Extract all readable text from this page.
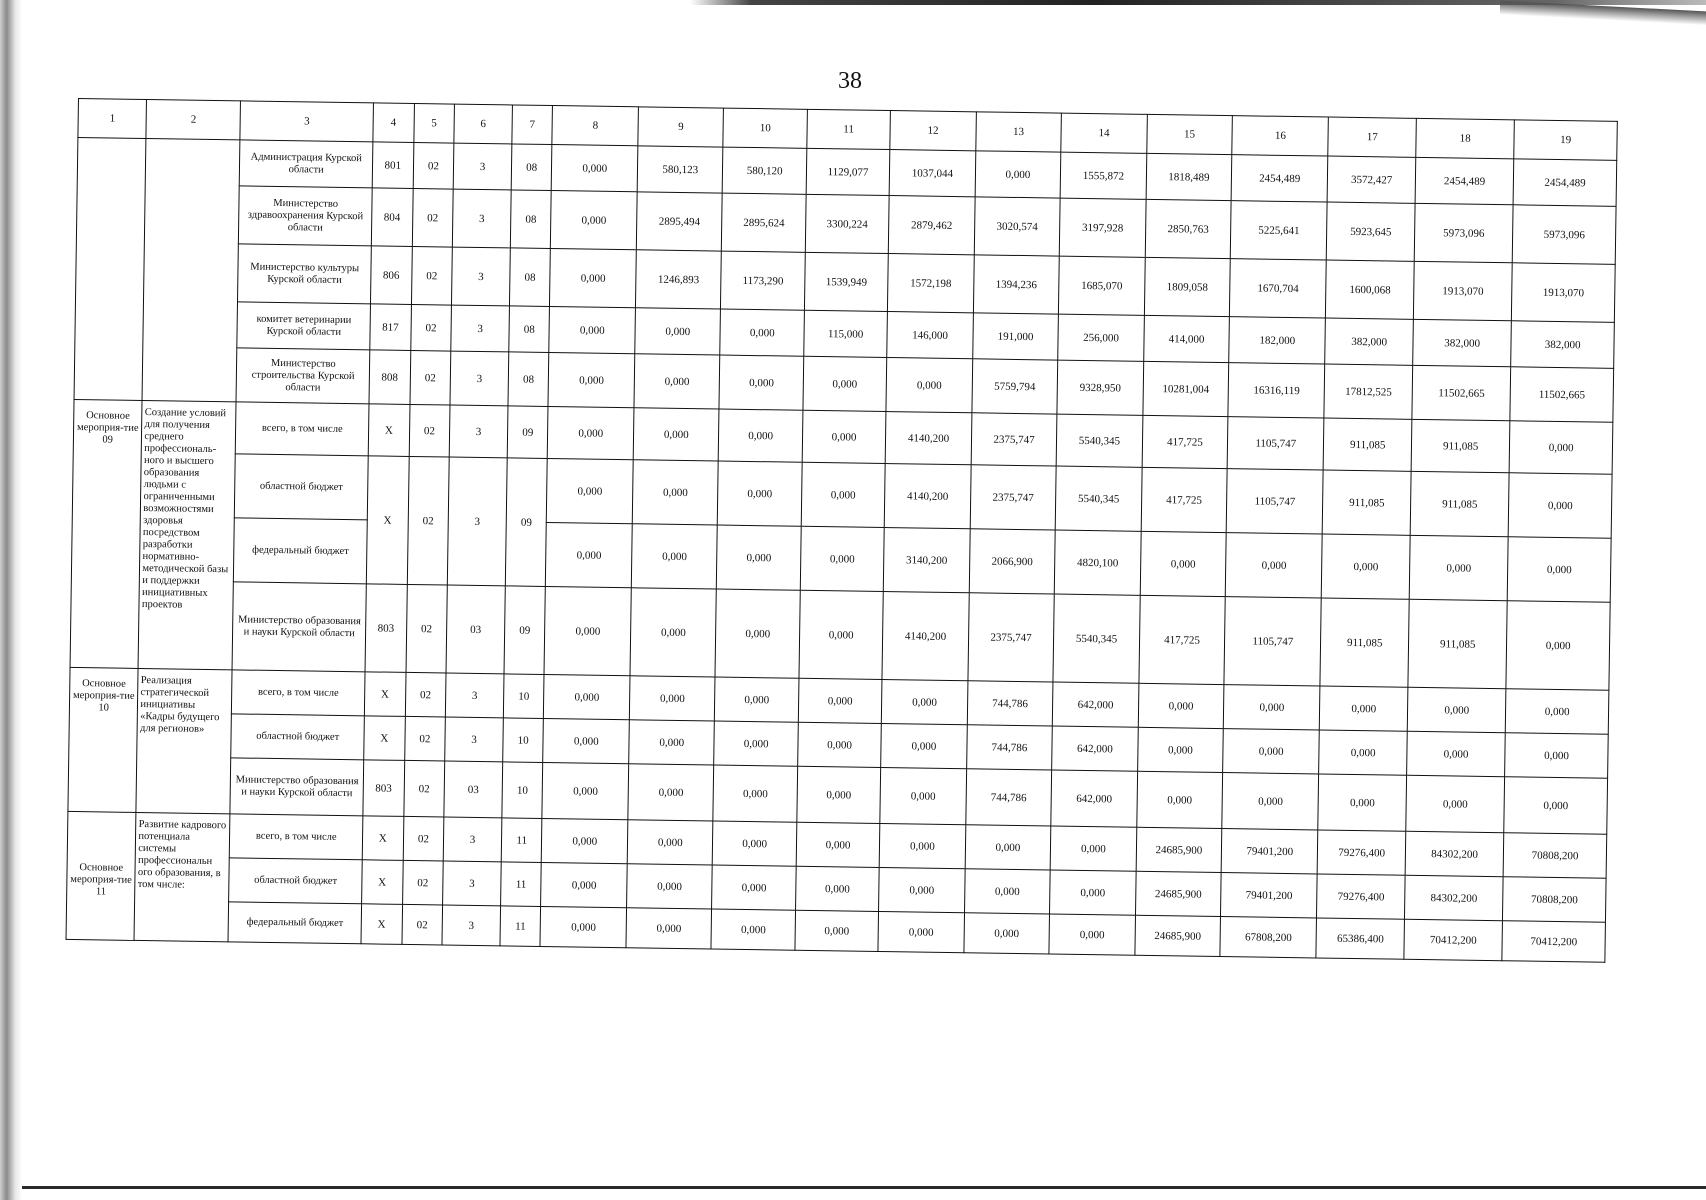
38
1	2	3	4	5	6	7	8	9	10	11	12	13	14	15	16	17	18	19
		Администрация Курской области	801	02	3	08	0,000	580,123	580,120	1129,077	1037,044	0,000	1555,872	1818,489	2454,489	3572,427	2454,489	2454,489
		Министерство здравоохранения Курской области	804	02	3	08	0,000	2895,494	2895,624	3300,224	2879,462	3020,574	3197,928	2850,763	5225,641	5923,645	5973,096	5973,096
		Министерство культуры Курской области	806	02	3	08	0,000	1246,893	1173,290	1539,949	1572,198	1394,236	1685,070	1809,058	1670,704	1600,068	1913,070	1913,070
		комитет ветеринарии Курской области	817	02	3	08	0,000	0,000	0,000	115,000	146,000	191,000	256,000	414,000	182,000	382,000	382,000	382,000
		Министерство строительства Курской области	808	02	3	08	0,000	0,000	0,000	0,000	0,000	5759,794	9328,950	10281,004	16316,119	17812,525	11502,665	11502,665
Основное мероприя-тие 09	Создание условий для получения среднего профессиональ-ного и высшего образования людьми с ограниченными возможностями здоровья посредством разработки нормативно-методической базы и поддержки инициативных проектов	всего, в том числе	Х	02	3	09	0,000	0,000	0,000	0,000	4140,200	2375,747	5540,345	417,725	1105,747	911,085	911,085	0,000
		областной бюджет	Х	02	3	09	0,000	0,000	0,000	0,000	4140,200	2375,747	5540,345	417,725	1105,747	911,085	911,085	0,000
		федеральный бюджет					0,000	0,000	0,000	0,000	3140,200	2066,900	4820,100	0,000	0,000	0,000	0,000	0,000
		Министерство образования и науки Курской области	803	02	03	09	0,000	0,000	0,000	0,000	4140,200	2375,747	5540,345	417,725	1105,747	911,085	911,085	0,000
Основное мероприя-тие 10	Реализация стратегической инициативы «Кадры будущего для регионов»	всего, в том числе	Х	02	3	10	0,000	0,000	0,000	0,000	0,000	744,786	642,000	0,000	0,000	0,000	0,000	0,000
		областной бюджет	Х	02	3	10	0,000	0,000	0,000	0,000	0,000	744,786	642,000	0,000	0,000	0,000	0,000	0,000
		Министерство образования и науки Курской области	803	02	03	10	0,000	0,000	0,000	0,000	0,000	744,786	642,000	0,000	0,000	0,000	0,000	0,000
Основное мероприя-тие 11	Развитие кадрового потенциала системы профессиональн ого образования, в том числе:	всего, в том числе	Х	02	3	11	0,000	0,000	0,000	0,000	0,000	0,000	0,000	24685,900	79401,200	79276,400	84302,200	70808,200
		областной бюджет	Х	02	3	11	0,000	0,000	0,000	0,000	0,000	0,000	0,000	24685,900	79401,200	79276,400	84302,200	70808,200
		федеральный бюджет	Х	02	3	11	0,000	0,000	0,000	0,000	0,000	0,000	0,000	24685,900	67808,200	65386,400	70412,200	70412,200
